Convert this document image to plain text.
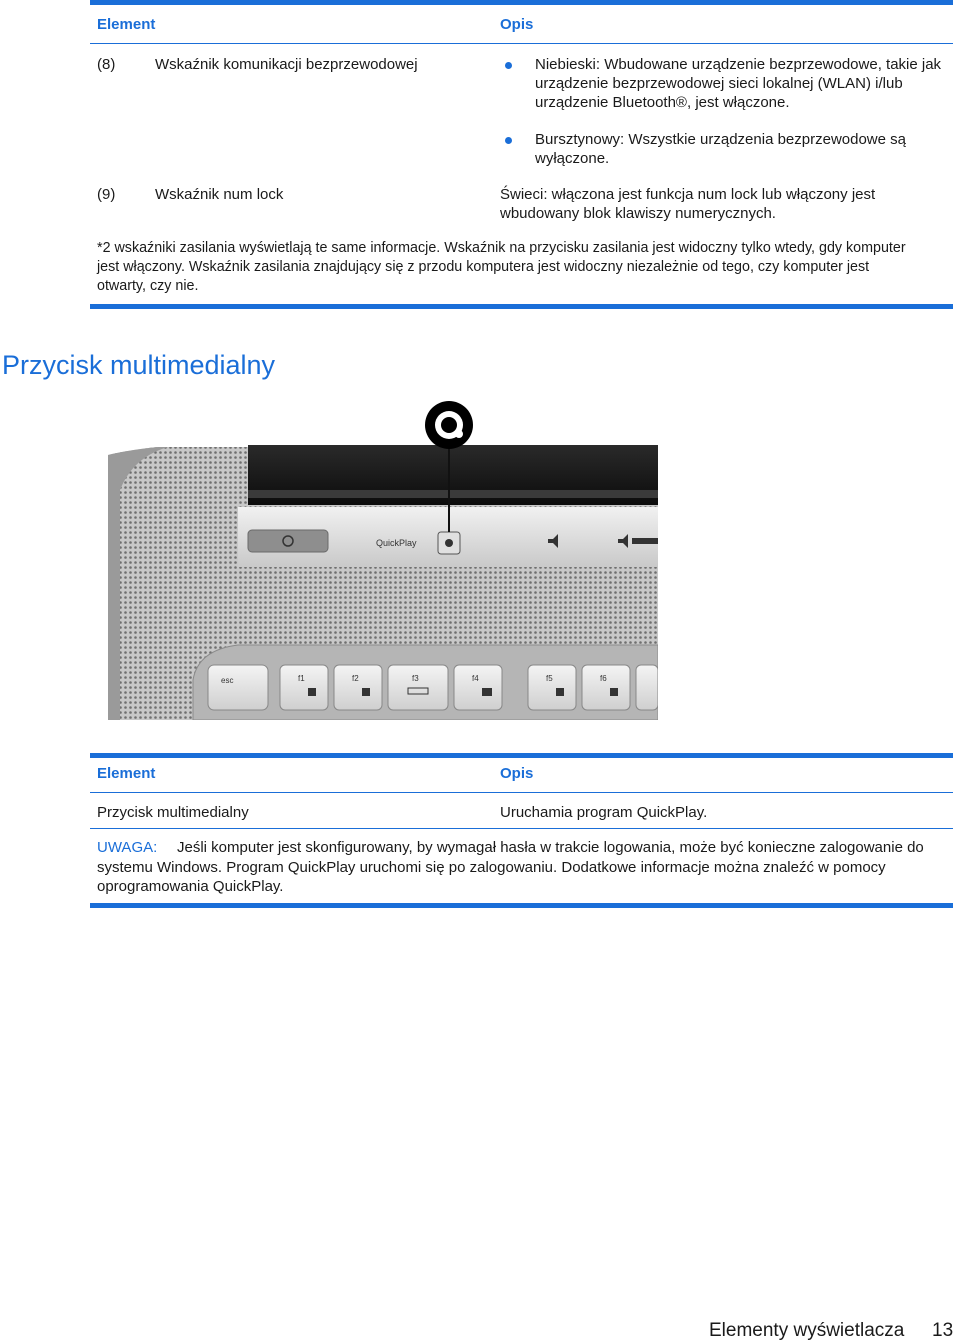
Element	Opis
(8)	Wskaźnik komunikacji bezprzewodowej	Niebieski: Wbudowane urządzenie bezprzewodowe, takie jak
urządzenie bezprzewodowej sieci lokalnej (WLAN) i/lub
urządzenie Bluetooth®, jest włączone.
Bursztynowy: Wszystkie urządzenia bezprzewodowe są
wyłączone.
(9)	Wskaźnik num lock	Świeci: włączona jest funkcja num lock lub włączony jest
wbudowany blok klawiszy numerycznych.
*2 wskaźniki zasilania wyświetlają te same informacje. Wskaźnik na przycisku zasilania jest widoczny tylko wtedy, gdy komputer
jest włączony. Wskaźnik zasilania znajdujący się z przodu komputera jest widoczny niezależnie od tego, czy komputer jest
otwarty, czy nie.
Przycisk multimedialny
QuickPlay
esc	f1	f2	f3	f4	f5	f6
Element	Opis
Przycisk multimedialny	Uruchamia program QuickPlay.
UWAGA: Jeśli komputer jest skonfigurowany, by wymagał hasła w trakcie logowania, może być konieczne zalogowanie do
systemu Windows. Program QuickPlay uruchomi się po zalogowaniu. Dodatkowe informacje można znaleźć w pomocy
oprogramowania QuickPlay.
Elementy wyświetlacza 13
